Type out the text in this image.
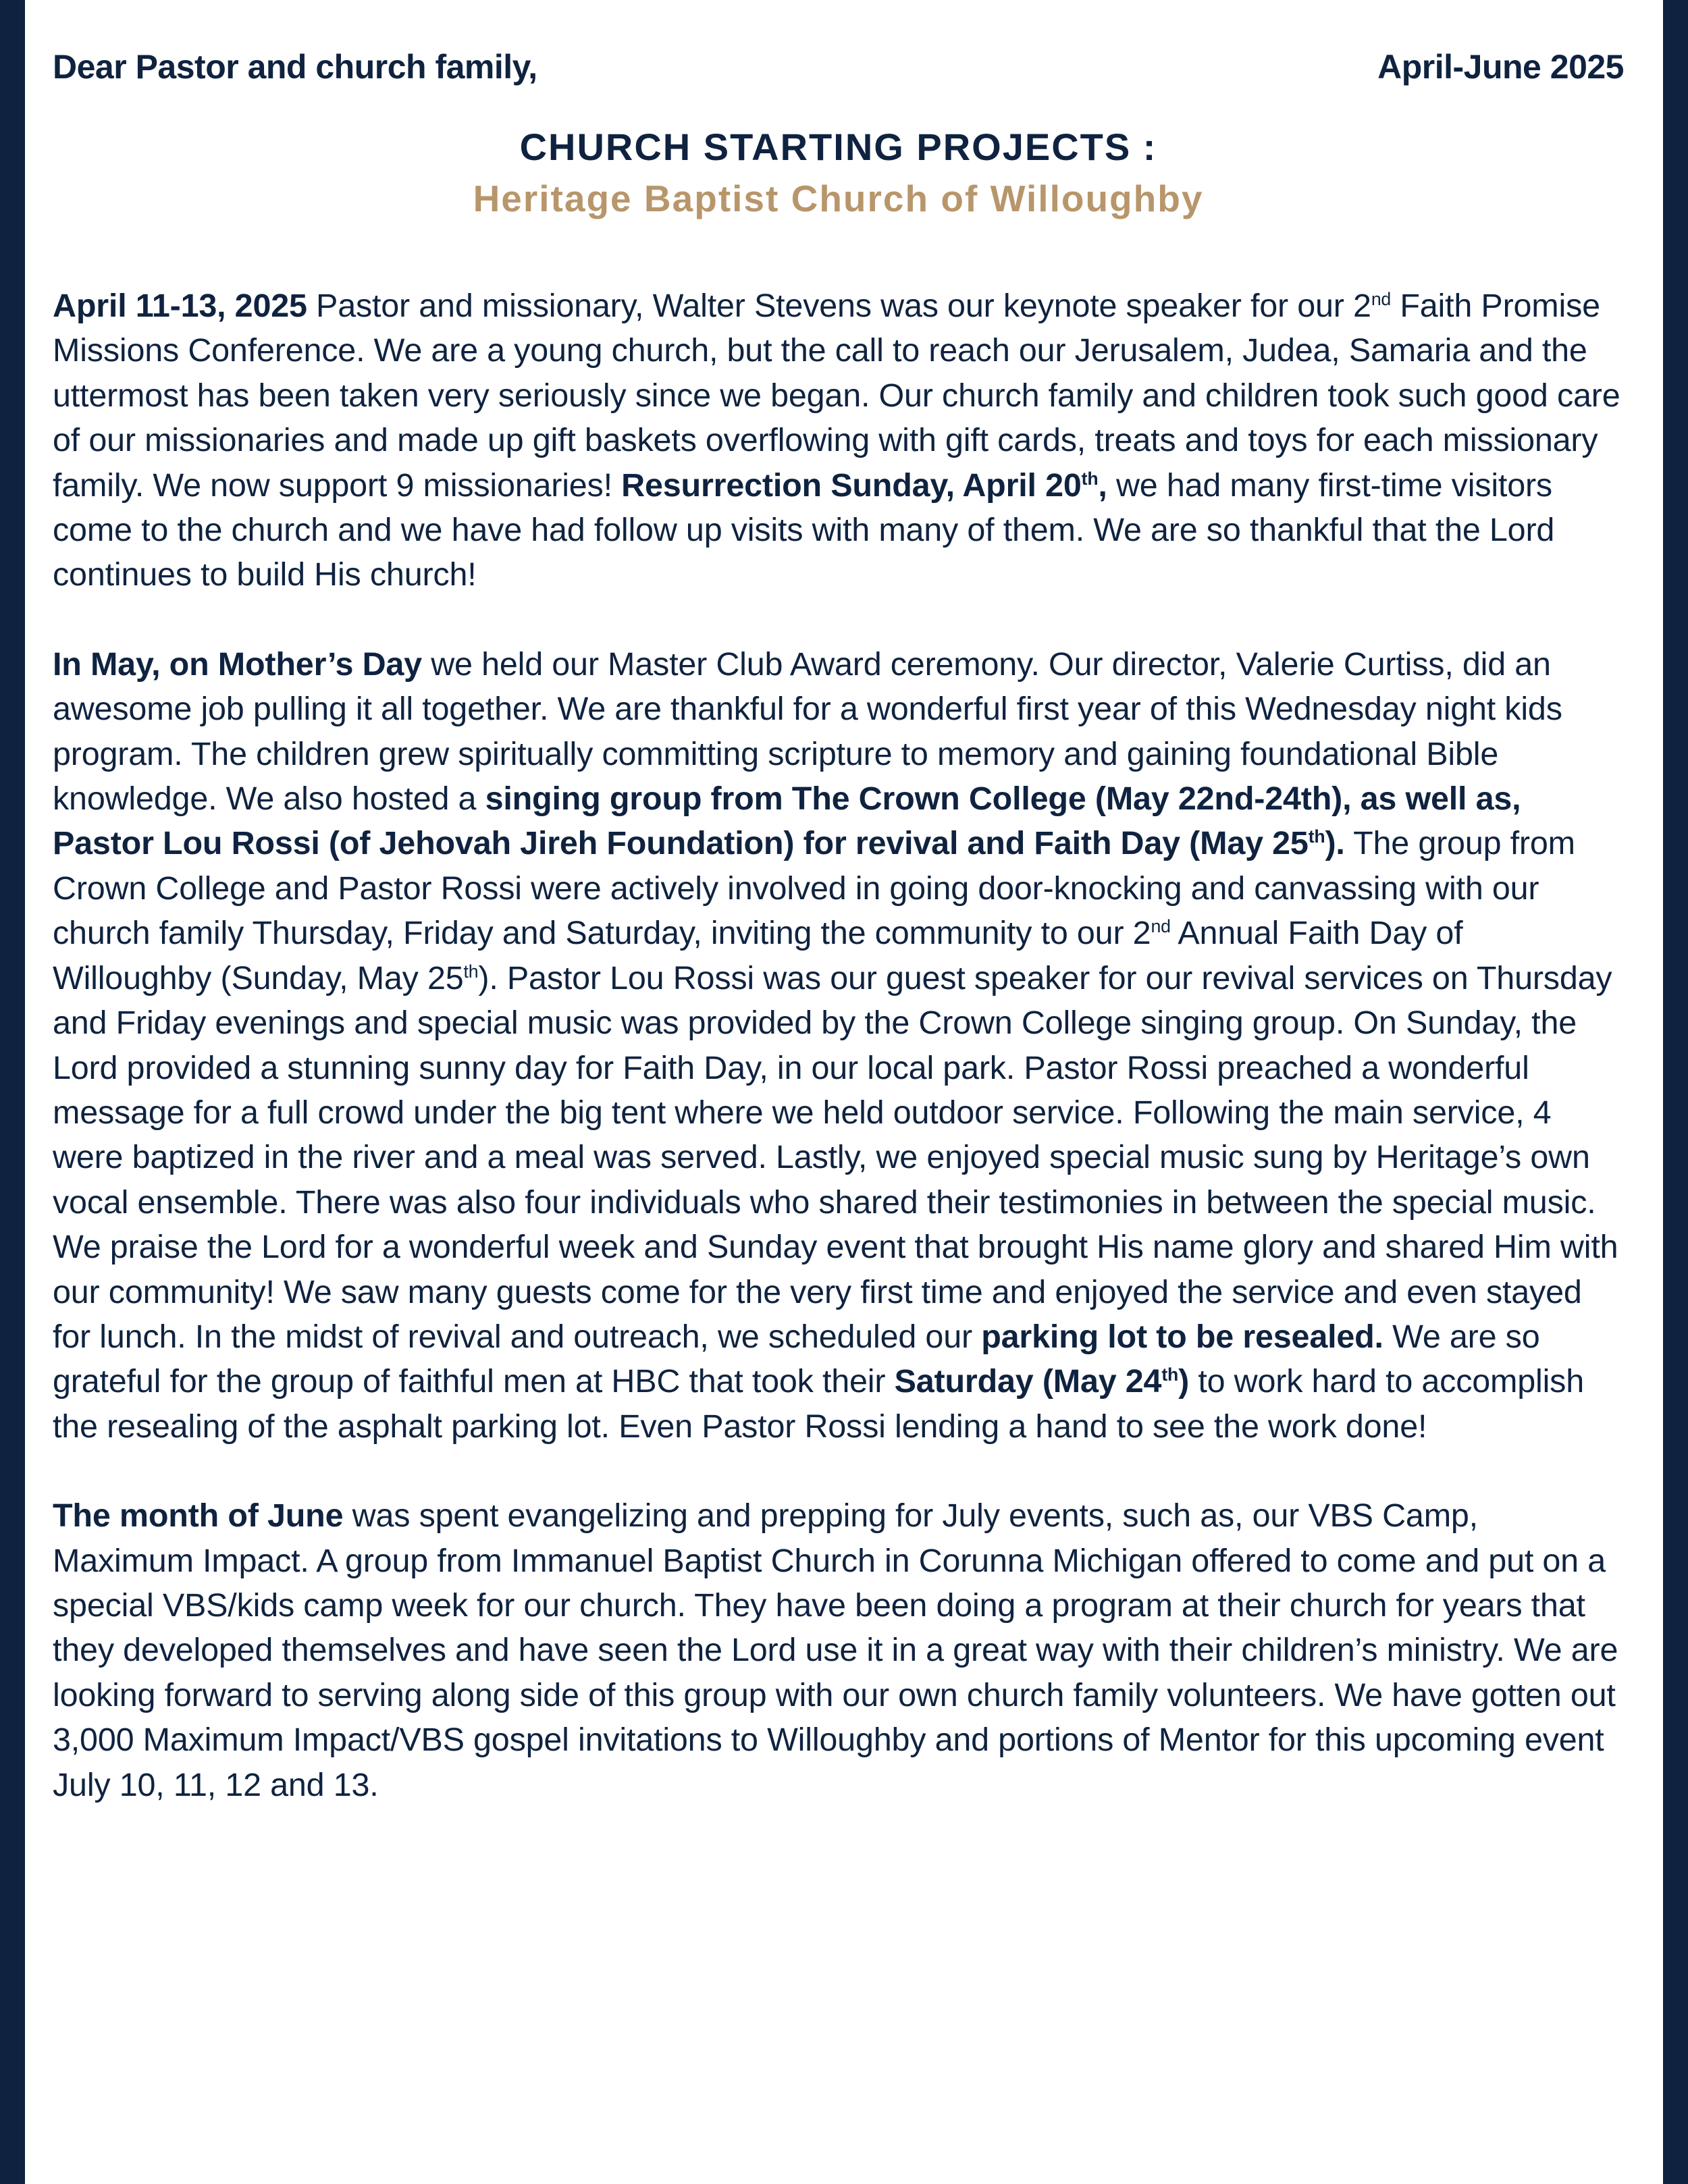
Dear Pastor and church family,	April-June 2025
CHURCH STARTING PROJECTS :
Heritage Baptist Church of Willoughby

April 11-13, 2025 Pastor and missionary, Walter Stevens was our keynote speaker for our 2nd Faith Promise Missions Conference. We are a young church, but the call to reach our Jerusalem, Judea, Samaria and the uttermost has been taken very seriously since we began. Our church family and children took such good care of our missionaries and made up gift baskets overflowing with gift cards, treats and toys for each missionary family. We now support 9 missionaries! Resurrection Sunday, April 20th, we had many first-time visitors come to the church and we have had follow up visits with many of them. We are so thankful that the Lord continues to build His church!

In May, on Mother’s Day we held our Master Club Award ceremony. Our director, Valerie Curtiss, did an awesome job pulling it all together. We are thankful for a wonderful first year of this Wednesday night kids program. The children grew spiritually committing scripture to memory and gaining foundational Bible knowledge. We also hosted a singing group from The Crown College (May 22nd-24th), as well as, Pastor Lou Rossi (of Jehovah Jireh Foundation) for revival and Faith Day (May 25th). The group from Crown College and Pastor Rossi were actively involved in going door-knocking and canvassing with our church family Thursday, Friday and Saturday, inviting the community to our 2nd Annual Faith Day of Willoughby (Sunday, May 25th). Pastor Lou Rossi was our guest speaker for our revival services on Thursday and Friday evenings and special music was provided by the Crown College singing group. On Sunday, the Lord provided a stunning sunny day for Faith Day, in our local park. Pastor Rossi preached a wonderful message for a full crowd under the big tent where we held outdoor service. Following the main service, 4 were baptized in the river and a meal was served. Lastly, we enjoyed special music sung by Heritage’s own vocal ensemble. There was also four individuals who shared their testimonies in between the special music. We praise the Lord for a wonderful week and Sunday event that brought His name glory and shared Him with our community! We saw many guests come for the very first time and enjoyed the service and even stayed for lunch. In the midst of revival and outreach, we scheduled our parking lot to be resealed. We are so grateful for the group of faithful men at HBC that took their Saturday (May 24th) to work hard to accomplish the resealing of the asphalt parking lot. Even Pastor Rossi lending a hand to see the work done!

The month of June was spent evangelizing and prepping for July events, such as, our VBS Camp, Maximum Impact. A group from Immanuel Baptist Church in Corunna Michigan offered to come and put on a special VBS/kids camp week for our church. They have been doing a program at their church for years that they developed themselves and have seen the Lord use it in a great way with their children’s ministry. We are looking forward to serving along side of this group with our own church family volunteers. We have gotten out 3,000 Maximum Impact/VBS gospel invitations to Willoughby and portions of Mentor for this upcoming event July 10, 11, 12 and 13.
